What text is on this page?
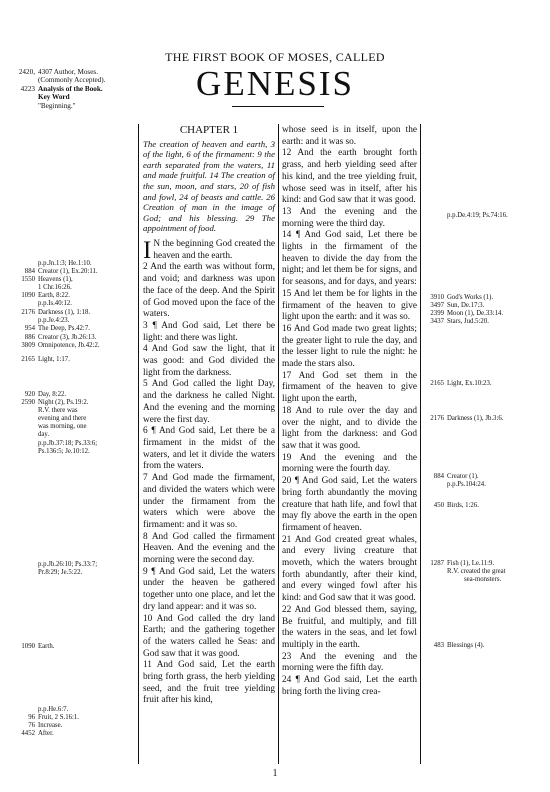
THE FIRST BOOK OF MOSES, CALLED
GENESIS
2420, 4307 Author, Moses.
(Commonly Accepted).
4223 Analysis of the Book.
Key Word
"Beginning."
CHAPTER 1
The creation of heaven and earth, 3 of the light, 6 of the firmament: 9 the earth separated from the waters, 11 and made fruitful. 14 The creation of the sun, moon, and stars, 20 of fish and fowl, 24 of beasts and cattle. 26 Creation of man in the image of God; and his blessing. 29 The appointment of food.

I N the beginning God created the heaven and the earth.

2 And the earth was without form, and void; and darkness was upon the face of the deep. And the Spirit of God moved upon the face of the waters.

3 ¶ And God said, Let there be light: and there was light.

4 And God saw the light, that it was good: and God divided the light from the darkness.

5 And God called the light Day, and the darkness he called Night. And the evening and the morning were the first day.

6 ¶ And God said, Let there be a firmament in the midst of the waters, and let it divide the waters from the waters.

7 And God made the firmament, and divided the waters which were under the firmament from the waters which were above the firmament: and it was so.

8 And God called the firmament Heaven. And the evening and the morning were the second day.

9 ¶ And God said, Let the waters under the heaven be gathered together unto one place, and let the dry land appear: and it was so.

10 And God called the dry land Earth; and the gathering together of the waters called he Seas: and God saw that it was good.

11 And God said, Let the earth bring forth grass, the herb yielding seed, and the fruit tree yielding fruit after his kind,

whose seed is in itself, upon the earth: and it was so.

12 And the earth brought forth grass, and herb yielding seed after his kind, and the tree yielding fruit, whose seed was in itself, after his kind: and God saw that it was good.

13 And the evening and the morning were the third day.

14 ¶ And God said, Let there be lights in the firmament of the heaven to divide the day from the night; and let them be for signs, and for seasons, and for days, and years:

15 And let them be for lights in the firmament of the heaven to give light upon the earth: and it was so.

16 And God made two great lights; the greater light to rule the day, and the lesser light to rule the night: he made the stars also.

17 And God set them in the firmament of the heaven to give light upon the earth,

18 And to rule over the day and over the night, and to divide the light from the darkness: and God saw that it was good.

19 And the evening and the morning were the fourth day.

20 ¶ And God said, Let the waters bring forth abundantly the moving creature that hath life, and fowl that may fly above the earth in the open firmament of heaven.

21 And God created great whales, and every living creature that moveth, which the waters brought forth abundantly, after their kind, and every winged fowl after his kind: and God saw that it was good.

22 And God blessed them, saying, Be fruitful, and multiply, and fill the waters in the seas, and let fowl multiply in the earth.

23 And the evening and the morning were the fifth day.

24 ¶ And God said, Let the earth bring forth the living crea-

p.p.Jn.1:3; He.1:10.
884 Creator (1), Ex.20:11.
1550 Heavens (1),
1 Chr.16:26.
1090 Earth, 8:22.
p.p.Is.40:12.
2176 Darkness (1), 1:18.
p.p.Je.4:23.
954 The Deep, Ps.42:7.
886 Creator (3), Jb.26:13.
3809 Omnipotence, Jb.42:2.
2165 Light, 1:17.
920 Day, 8:22.
2590 Night (2), Ps.19:2.
R.V. there was
evening and there
was morning, one
day.
p.p.Jb.37:18; Ps.33:6;
Ps.136:5; Je.10:12.
p.p.Jb.26:10; Ps.33:7;
Pr.8:29; Je.5:22.
1090 Earth.
p.p.He.6:7.
96 Fruit, 2 S.16:1.
76 Increase.
4452 After.
p.p.De.4:19; Ps.74:16.
3910 God's Works (1).
3497 Sun, De.17:3.
2399 Moon (1), De.33:14.
3437 Stars, Jud.5:20.
2165 Light, Ex.10:23.
2176 Darkness (1), Jb.3:6.
884 Creator (1).
p.p.Ps.104:24.
450 Birds, 1:26.
1287 Fish (1), Le.11:9.
R.V. created the great
sea-monsters.
483 Blessings (4).
1
